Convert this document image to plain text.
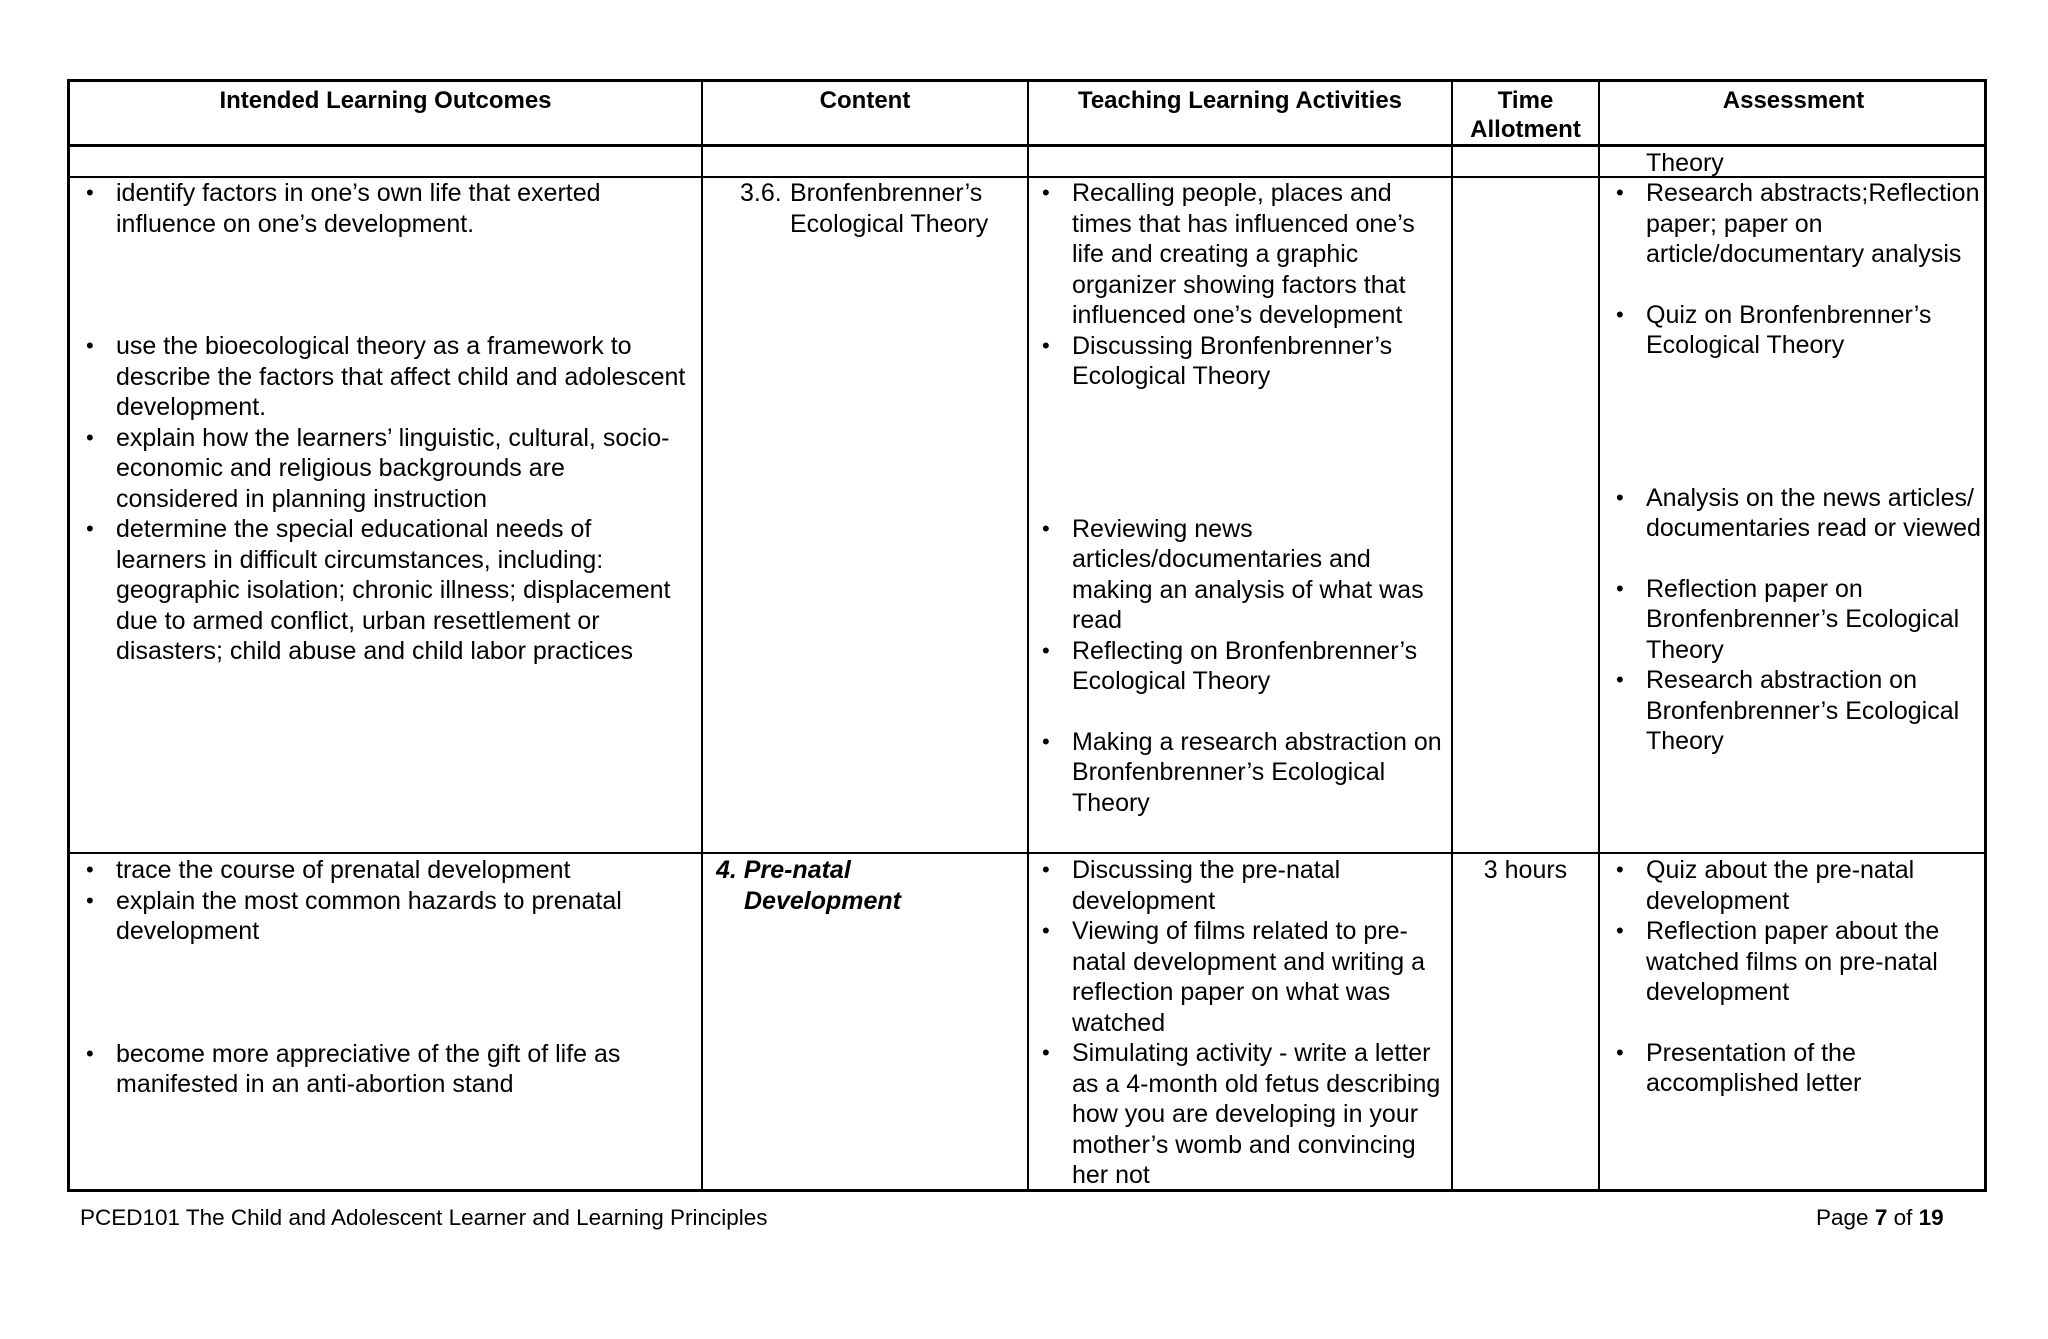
Intended Learning Outcomes	Content	Teaching Learning Activities	Time
Allotment
Assessment
Theory
• identify factors in one’s own life that exerted influence on one’s development.
• use the bioecological theory as a framework to describe the factors that affect child and adolescent development.
• explain how the learners’ linguistic, cultural, socio-economic and religious backgrounds are considered in planning instruction
• determine the special educational needs of learners in difficult circumstances, including: geographic isolation; chronic illness; displacement due to armed conflict, urban resettlement or disasters; child abuse and child labor practices
3.6. Bronfenbrenner’s
Ecological Theory
• Recalling people, places and times that has influenced one’s life and creating a graphic organizer showing factors that influenced one’s development
• Discussing Bronfenbrenner’s Ecological Theory
• Reviewing news articles/documentaries and making an analysis of what was read
• Reflecting on Bronfenbrenner’s Ecological Theory
• Making a research abstraction on Bronfenbrenner’s Ecological Theory
• Research abstracts;Reflection paper; paper on article/documentary analysis
• Quiz on Bronfenbrenner’s Ecological Theory
• Analysis on the news articles/ documentaries read or viewed
• Reflection paper on Bronfenbrenner’s Ecological Theory
• Research abstraction on Bronfenbrenner’s Ecological Theory
• trace the course of prenatal development
• explain the most common hazards to prenatal development
• become more appreciative of the gift of life as manifested in an anti-abortion stand
4. Pre-natal
Development
• Discussing the pre-natal development
• Viewing of films related to pre-natal development and writing a reflection paper on what was watched
• Simulating activity - write a letter as a 4-month old fetus describing how you are developing in your mother’s womb and convincing her not
3 hours
•	Quiz about the pre-natal development
• Reflection paper about the watched films on pre-natal development
• Presentation of the accomplished letter
PCED101 The Child and Adolescent Learner and Learning Principles	Page 7 of 19
